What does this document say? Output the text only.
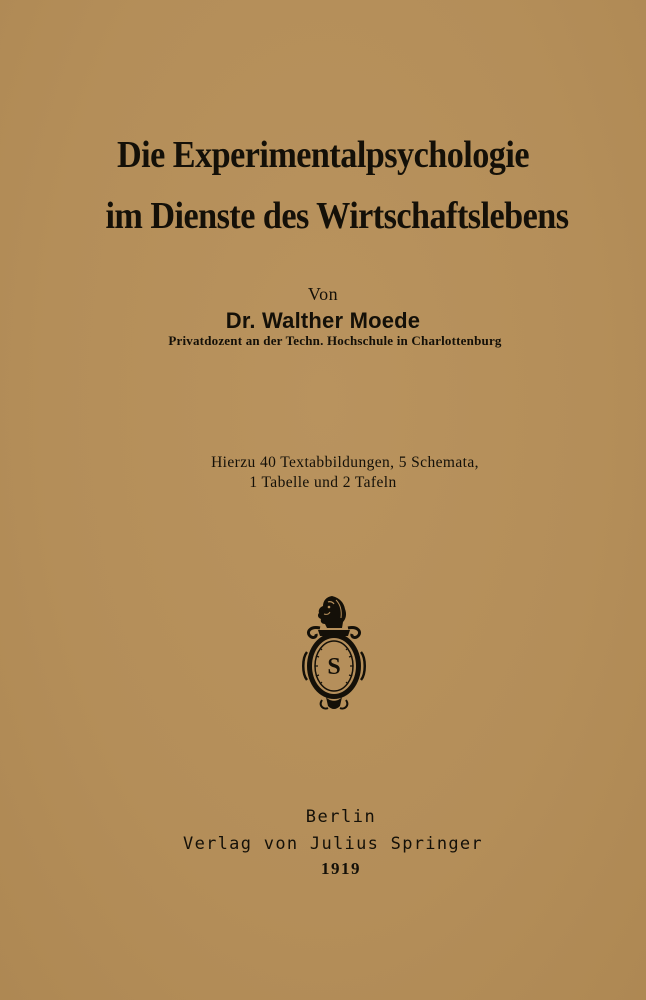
Die Experimentalpsychologie
im Dienste des Wirtschaftslebens
Von
Dr. Walther Moede
Privatdozent an der Techn. Hochschule in Charlottenburg
Hierzu 40 Textabbildungen, 5 Schemata,
1 Tabelle und 2 Tafeln
S
Berlin
Verlag von Julius Springer
1919
